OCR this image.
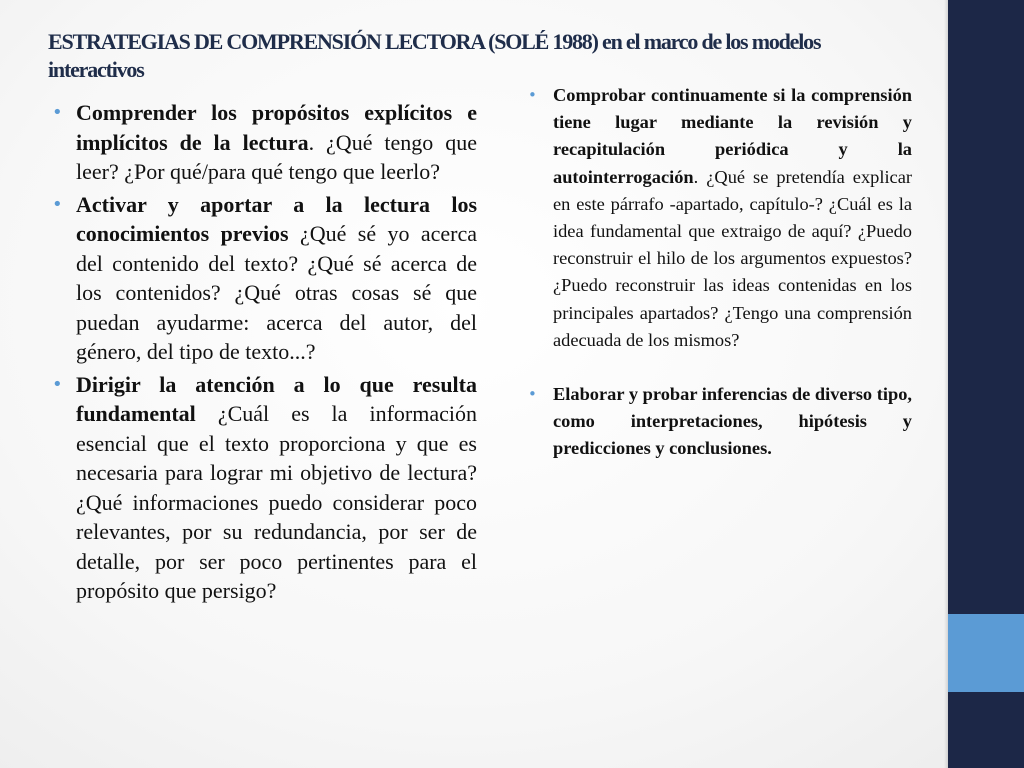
ESTRATEGIAS DE COMPRENSIÓN LECTORA (SOLÉ 1988) en el marco de los modelos interactivos

• Comprender los propósitos explícitos e implícitos de la lectura. ¿Qué tengo que leer? ¿Por qué/para qué tengo que leerlo?

• Activar y aportar a la lectura los conocimientos previos ¿Qué sé yo acerca del contenido del texto? ¿Qué sé acerca de los contenidos? ¿Qué otras cosas sé que puedan ayudarme: acerca del autor, del género, del tipo de texto...?

• Dirigir la atención a lo que resulta fundamental ¿Cuál es la información esencial que el texto proporciona y que es necesaria para lograr mi objetivo de lectura? ¿Qué informaciones puedo considerar poco relevantes, por su redundancia, por ser de detalle, por ser poco pertinentes para el propósito que persigo?

• Comprobar continuamente si la comprensión tiene lugar mediante la revisión y recapitulación periódica y la autointerrogación. ¿Qué se pretendía explicar en este párrafo -apartado, capítulo-? ¿Cuál es la idea fundamental que extraigo de aquí? ¿Puedo reconstruir el hilo de los argumentos expuestos? ¿Puedo reconstruir las ideas contenidas en los principales apartados? ¿Tengo una comprensión adecuada de los mismos?

• Elaborar y probar inferencias de diverso tipo, como interpretaciones, hipótesis y predicciones y conclusiones.
